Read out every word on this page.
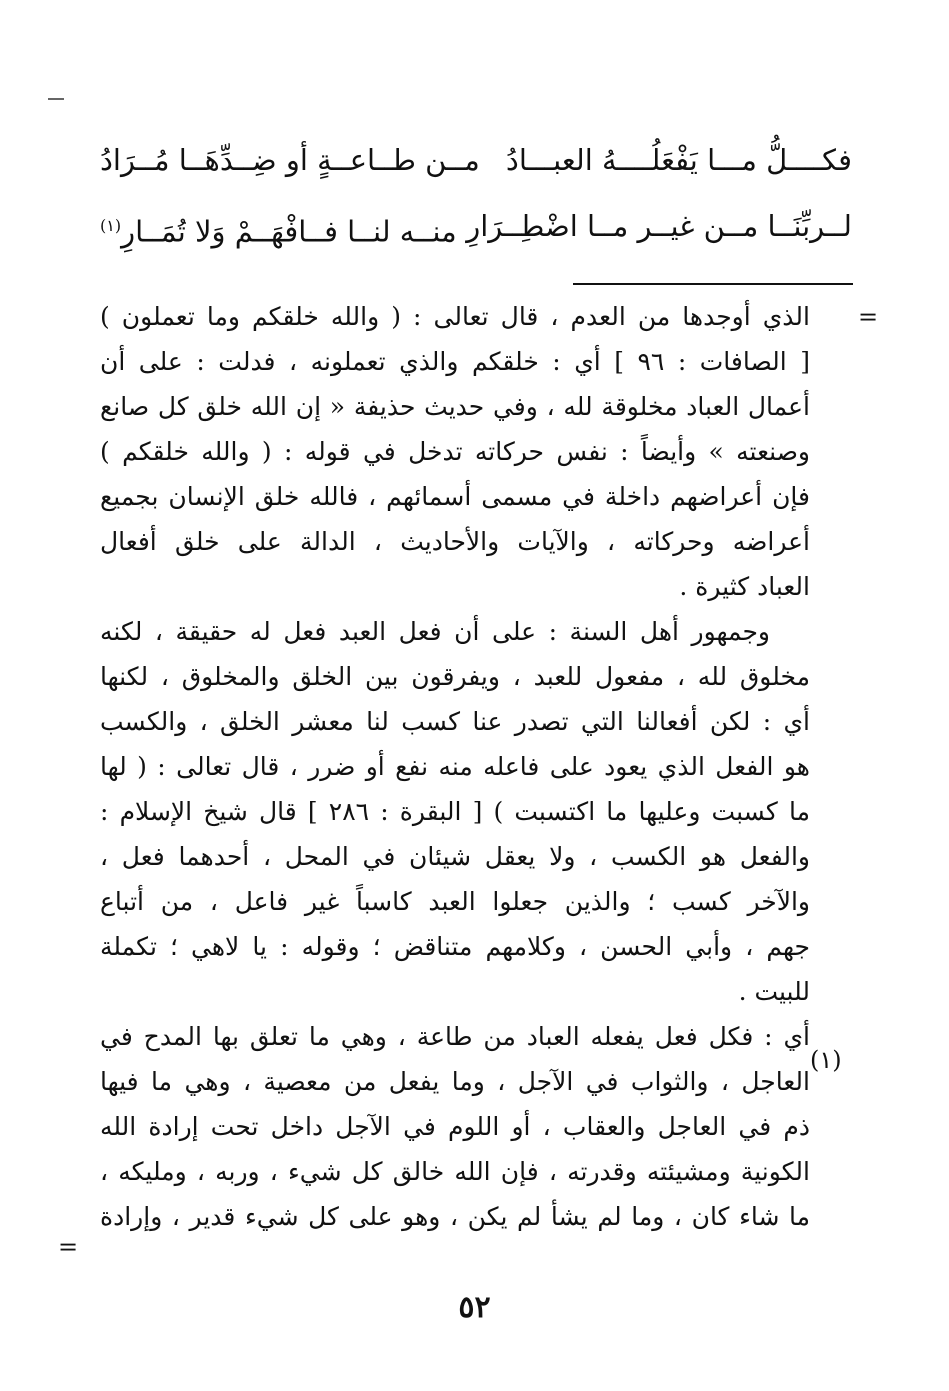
فكــــلُّ مـــا يَفْعَلُــــهُ العبـــادُ
مــن طــاعــةٍ أو ضِــدِّهَــا مُــرَادُ
لــربِّنَــا مــن غيــر مــا اضْطِــرَارِ
منــه لنــا فــافْهَــمْ وَلا تُمَــارِ$^{(١)}$
=
الذي أوجدها من العدم ، قال تعالى : ( والله خلقكم وما تعملون )
[ الصافات : ٩٦ ] أي : خلقكم والذي تعملونه ، فدلت : على أن
أعمال العباد مخلوقة لله ، وفي حديث حذيفة « إن الله خلق كل صانع
وصنعته » وأيضاً : نفس حركاته تدخل في قوله : ( والله خلقكم )
فإن أعراضهم داخلة في مسمى أسمائهم ، فالله خلق الإنسان بجميع
أعراضه وحركاته ، والآيات والأحاديث ، الدالة على خلق أفعال
العباد كثيرة .
وجمهور أهل السنة : على أن فعل العبد فعل له حقيقة ، لكنه
مخلوق لله ، مفعول للعبد ، ويفرقون بين الخلق والمخلوق ، لكنها
أي : لكن أفعالنا التي تصدر عنا كسب لنا معشر الخلق ، والكسب
هو الفعل الذي يعود على فاعله منه نفع أو ضرر ، قال تعالى : ( لها
ما كسبت وعليها ما اكتسبت ) [ البقرة : ٢٨٦ ] قال شيخ الإسلام :
والفعل هو الكسب ، ولا يعقل شيئان في المحل ، أحدهما فعل ،
والآخر كسب ؛ والذين جعلوا العبد كاسباً غير فاعل ، من أتباع
جهم ، وأبي الحسن ، وكلامهم متناقض ؛ وقوله : يا لاهي ؛ تكملة
للبيت .
أي : فكل فعل يفعله العباد من طاعة ، وهي ما تعلق بها المدح في
العاجل ، والثواب في الآجل ، وما يفعل من معصية ، وهي ما فيها
ذم في العاجل والعقاب ، أو اللوم في الآجل داخل تحت إرادة الله
الكونية ومشيئته وقدرته ، فإن الله خالق كل شيء ، وربه ، ومليكه ،
ما شاء كان ، وما لم يشأ لم يكن ، وهو على كل شيء قدير ، وإرادة
(١)
=
٥٢
